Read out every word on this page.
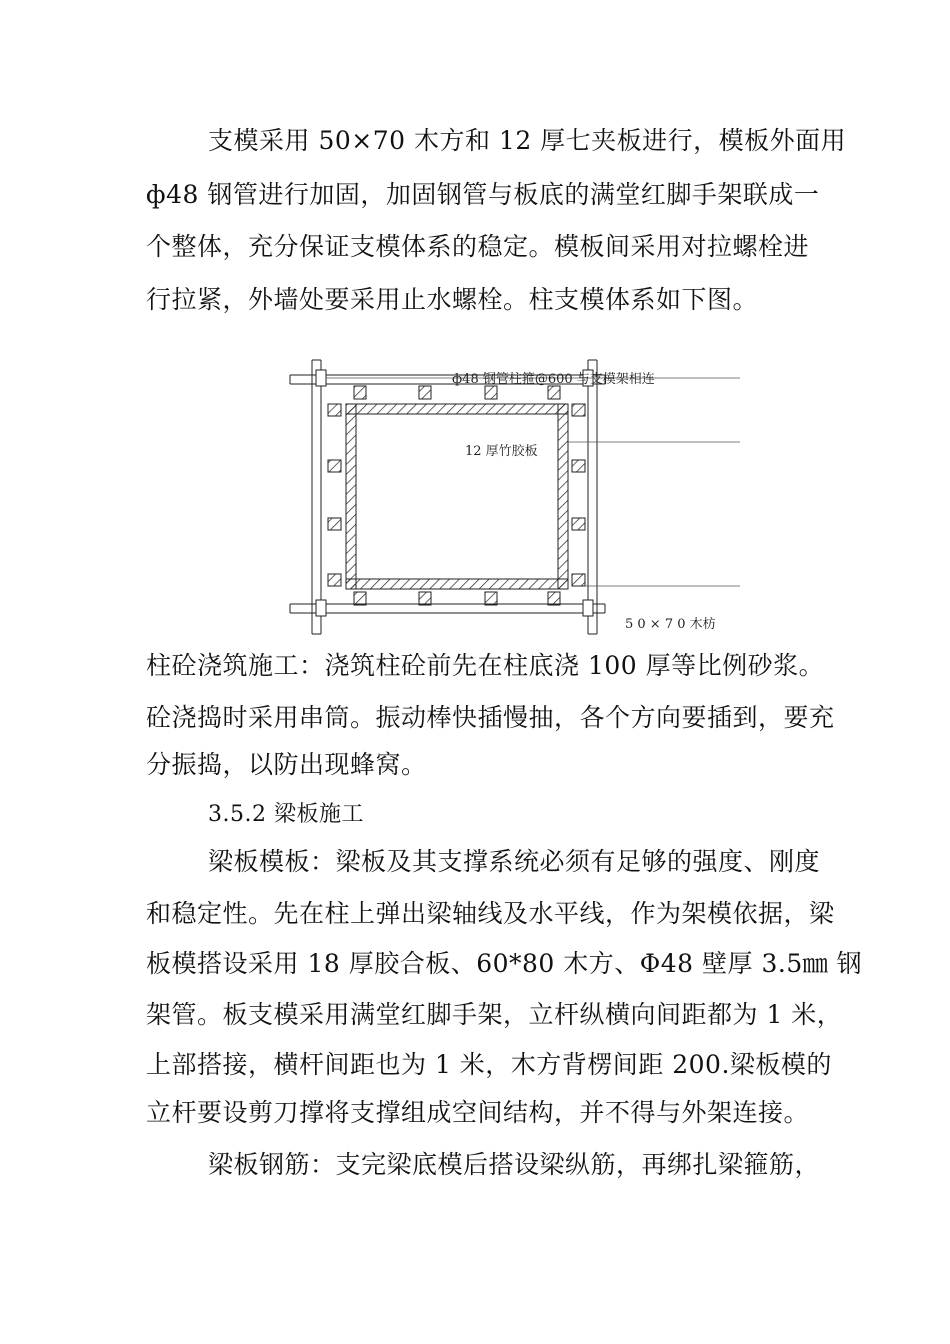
支模采用 50×70 木方和 12 厚七夹板进行，模板外面用
ф48 钢管进行加固，加固钢管与板底的满堂红脚手架联成一
个整体，充分保证支模体系的稳定。模板间采用对拉螺栓进
行拉紧，外墙处要采用止水螺栓。柱支模体系如下图。
ф48 钢管柱箍@600 与支模架相连
12 厚竹胶板
5 0 × 7 0 木枋
柱砼浇筑施工：浇筑柱砼前先在柱底浇 100 厚等比例砂浆。
砼浇捣时采用串筒。振动棒快插慢抽，各个方向要插到，要充
分振捣，以防出现蜂窝。
3.5.2 梁板施工
梁板模板：梁板及其支撑系统必须有足够的强度、刚度
和稳定性。先在柱上弹出梁轴线及水平线，作为架模依据，梁
板模搭设采用 18 厚胶合板、60*80 木方、Φ48 壁厚 3.5㎜ 钢
架管。板支模采用满堂红脚手架，立杆纵横向间距都为 1 米，
上部搭接，横杆间距也为 1 米，木方背楞间距 200.梁板模的
立杆要设剪刀撑将支撑组成空间结构，并不得与外架连接。
梁板钢筋：支完梁底模后搭设梁纵筋，再绑扎梁箍筋，
